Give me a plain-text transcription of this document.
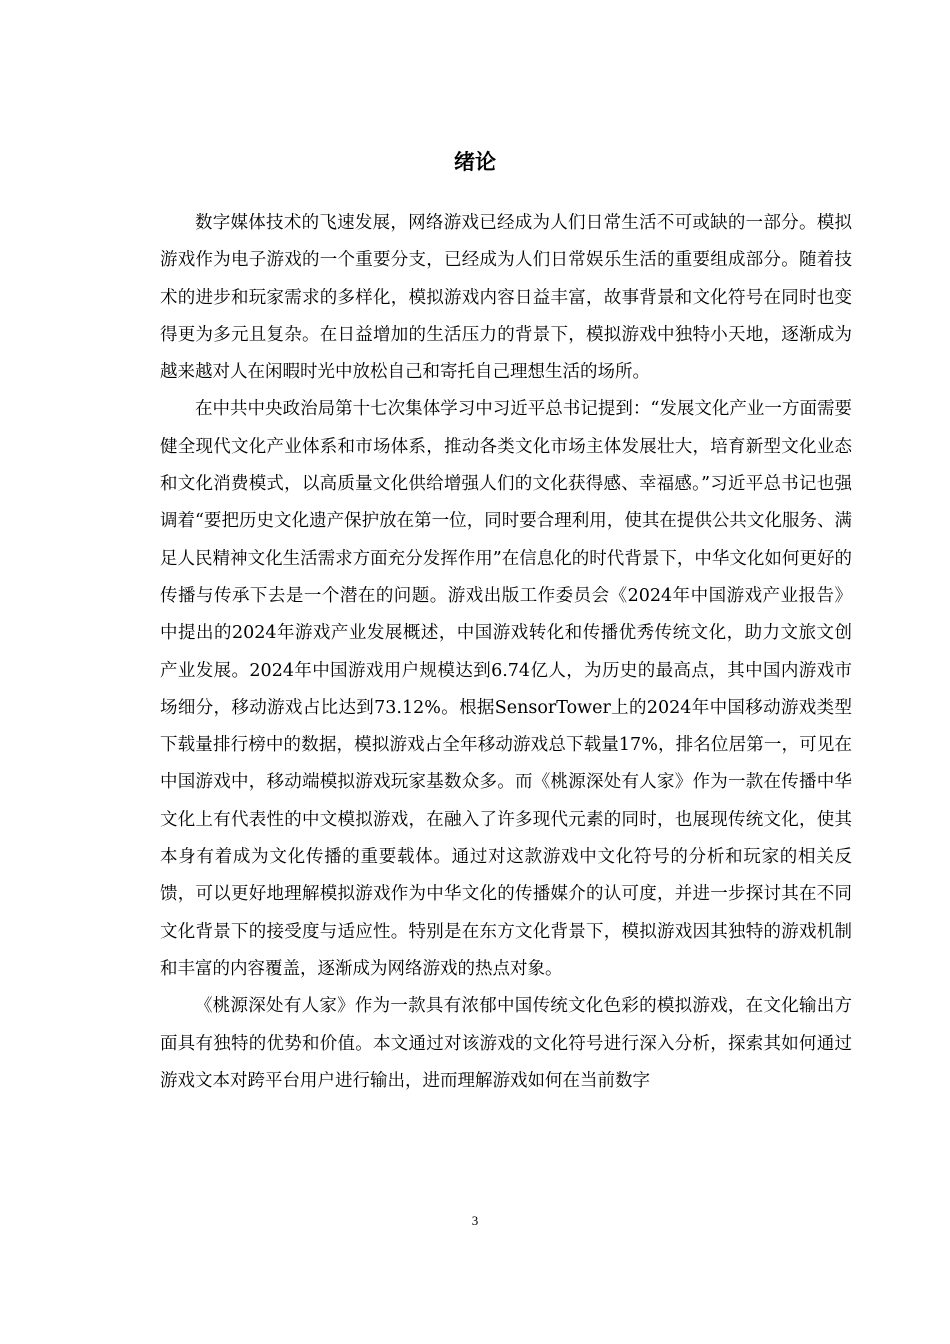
绪论

数字媒体技术的飞速发展，网络游戏已经成为人们日常生活不可或缺的一部分。模拟游戏作为电子游戏的一个重要分支，已经成为人们日常娱乐生活的重要组成部分。随着技术的进步和玩家需求的多样化，模拟游戏内容日益丰富，故事背景和文化符号在同时也变得更为多元且复杂。在日益增加的生活压力的背景下，模拟游戏中独特小天地，逐渐成为越来越对人在闲暇时光中放松自己和寄托自己理想生活的场所。

在中共中央政治局第十七次集体学习中习近平总书记提到：“发展文化产业一方面需要健全现代文化产业体系和市场体系，推动各类文化市场主体发展壮大，培育新型文化业态和文化消费模式，以高质量文化供给增强人们的文化获得感、幸福感。”习近平总书记也强调着“要把历史文化遗产保护放在第一位，同时要合理利用，使其在提供公共文化服务、满足人民精神文化生活需求方面充分发挥作用”在信息化的时代背景下，中华文化如何更好的传播与传承下去是一个潜在的问题。游戏出版工作委员会《2024年中国游戏产业报告》中提出的2024年游戏产业发展概述，中国游戏转化和传播优秀传统文化，助力文旅文创产业发展。2024年中国游戏用户规模达到6.74亿人，为历史的最高点，其中国内游戏市场细分，移动游戏占比达到73.12%。根据SensorTower上的2024年中国移动游戏类型下载量排行榜中的数据，模拟游戏占全年移动游戏总下载量17%，排名位居第一，可见在中国游戏中，移动端模拟游戏玩家基数众多。而《桃源深处有人家》作为一款在传播中华文化上有代表性的中文模拟游戏，在融入了许多现代元素的同时，也展现传统文化，使其本身有着成为文化传播的重要载体。通过对这款游戏中文化符号的分析和玩家的相关反馈，可以更好地理解模拟游戏作为中华文化的传播媒介的认可度，并进一步探讨其在不同文化背景下的接受度与适应性。特别是在东方文化背景下，模拟游戏因其独特的游戏机制和丰富的内容覆盖，逐渐成为网络游戏的热点对象。

《桃源深处有人家》作为一款具有浓郁中国传统文化色彩的模拟游戏，在文化输出方面具有独特的优势和价值。本文通过对该游戏的文化符号进行深入分析，探索其如何通过游戏文本对跨平台用户进行输出，进而理解游戏如何在当前数字

3
